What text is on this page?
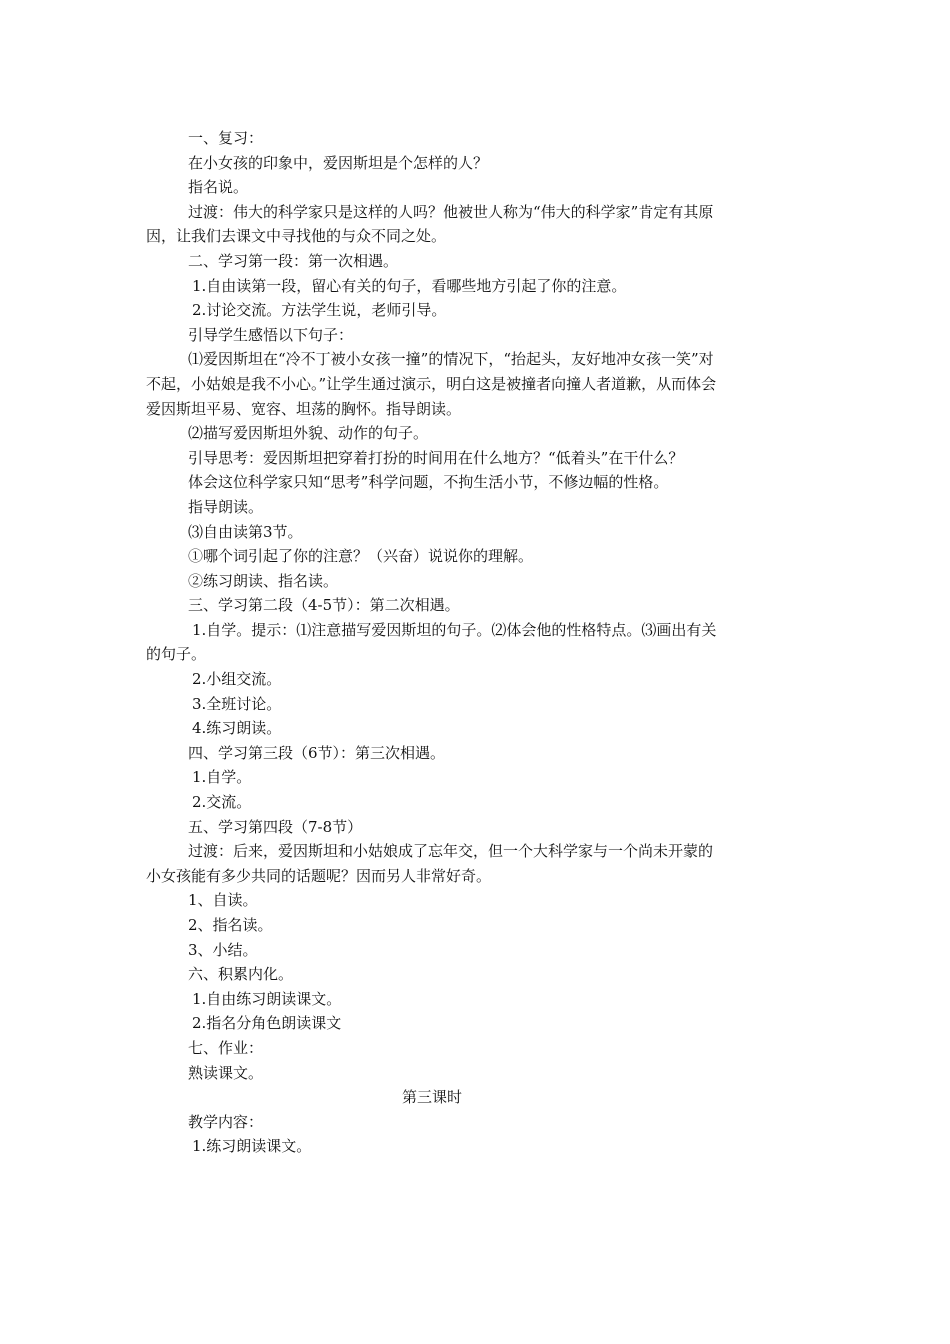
一、复习：

在小女孩的印象中，爱因斯坦是个怎样的人？

指名说。

过渡：伟大的科学家只是这样的人吗？他被世人称为“伟大的科学家”肯定有其原因，让我们去课文中寻找他的与众不同之处。

二、学习第一段：第一次相遇。

1.自由读第一段，留心有关的句子，看哪些地方引起了你的注意。

2.讨论交流。方法学生说，老师引导。

引导学生感悟以下句子：

⑴爱因斯坦在“冷不丁被小女孩一撞”的情况下，“抬起头，友好地冲女孩一笑”对不起，小姑娘是我不小心。”让学生通过演示，明白这是被撞者向撞人者道歉，从而体会爱因斯坦平易、宽容、坦荡的胸怀。指导朗读。

⑵描写爱因斯坦外貌、动作的句子。

引导思考：爱因斯坦把穿着打扮的时间用在什么地方？“低着头”在干什么？

体会这位科学家只知“思考”科学问题，不拘生活小节，不修边幅的性格。

指导朗读。

⑶自由读第3节。

①哪个词引起了你的注意？（兴奋）说说你的理解。

②练习朗读、指名读。

三、学习第二段（4-5节）：第二次相遇。

1.自学。提示：⑴注意描写爱因斯坦的句子。⑵体会他的性格特点。⑶画出有关的句子。

2.小组交流。

3.全班讨论。

4.练习朗读。

四、学习第三段（6节）：第三次相遇。

1.自学。

2.交流。

五、学习第四段（7-8节）

过渡：后来，爱因斯坦和小姑娘成了忘年交，但一个大科学家与一个尚未开蒙的小女孩能有多少共同的话题呢？因而另人非常好奇。

1、自读。

2、指名读。

3、小结。

六、积累内化。

1.自由练习朗读课文。

2.指名分角色朗读课文

七、作业：

熟读课文。

第三课时

教学内容：

1.练习朗读课文。
